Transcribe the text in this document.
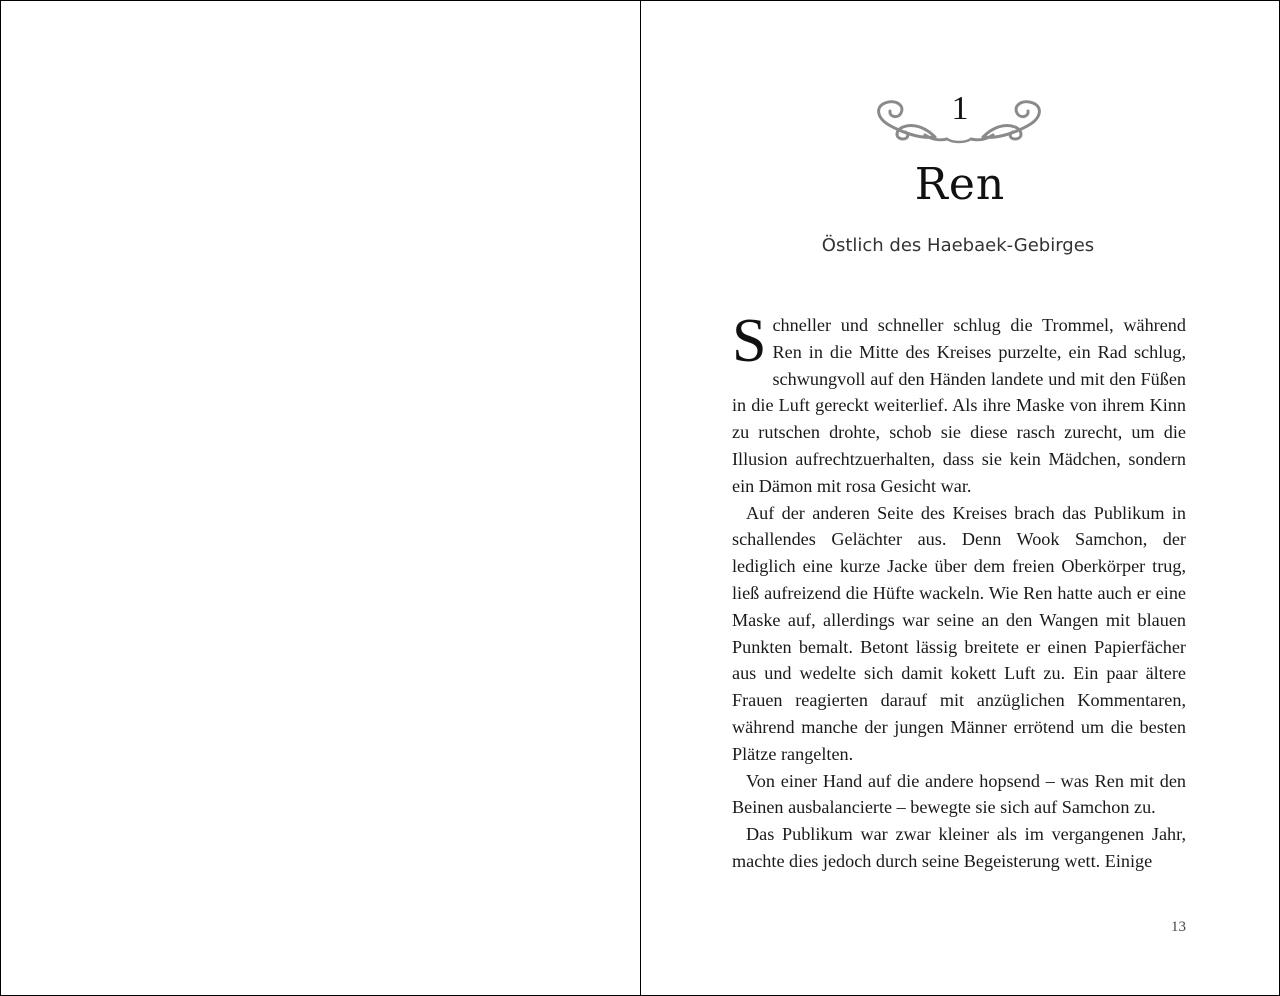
1
Ren
Östlich des Haebaek-Gebirges

Schneller und schneller schlug die Trommel, während Ren in die Mitte des Kreises purzelte, ein Rad schlug, schwungvoll auf den Händen landete und mit den Füßen in die Luft gereckt weiterlief. Als ihre Maske von ihrem Kinn zu rutschen drohte, schob sie diese rasch zurecht, um die Illusion aufrechtzuerhalten, dass sie kein Mädchen, sondern ein Dämon mit rosa Gesicht war.

Auf der anderen Seite des Kreises brach das Publikum in schallendes Gelächter aus. Denn Wook Samchon, der lediglich eine kurze Jacke über dem freien Oberkörper trug, ließ aufreizend die Hüfte wackeln. Wie Ren hatte auch er eine Maske auf, allerdings war seine an den Wangen mit blauen Punkten bemalt. Betont lässig breitete er einen Papierfächer aus und wedelte sich damit kokett Luft zu. Ein paar ältere Frauen reagierten darauf mit anzüglichen Kommentaren, während manche der jungen Männer errötend um die besten Plätze rangelten.

Von einer Hand auf die andere hopsend – was Ren mit den Beinen ausbalancierte – bewegte sie sich auf Samchon zu.

Das Publikum war zwar kleiner als im vergangenen Jahr, machte dies jedoch durch seine Begeisterung wett. Einige

13
